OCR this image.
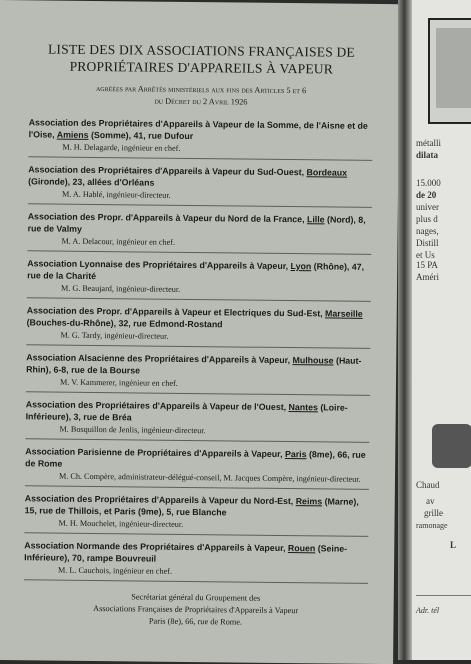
LISTE DES DIX ASSOCIATIONS FRANÇAISES DE PROPRIÉTAIRES D'APPAREILS À VAPEUR

agréées par Arrêtés ministériels aux fins des Articles 5 et 6
du Décret du 2 Avril 1926

Association des Propriétaires d'Appareils à Vapeur de la Somme, de l'Aisne et de l'Oise, Amiens (Somme), 41, rue Dufour

M. H. Delagarde, ingénieur en chef.

Association des Propriétaires d'Appareils à Vapeur du Sud-Ouest, Bordeaux (Gironde), 23, allées d'Orléans

M. A. Hablé, ingénieur-directeur.

Association des Propr. d'Appareils à Vapeur du Nord de la France, Lille (Nord), 8, rue de Valmy

M. A. Delacour, ingénieur en chef.

Association Lyonnaise des Propriétaires d'Appareils à Vapeur, Lyon (Rhône), 47, rue de la Charité

M. G. Beaujard, ingénieur-directeur.

Association des Propr. d'Appareils à Vapeur et Electriques du Sud-Est, Marseille (Bouches-du-Rhône), 32, rue Edmond-Rostand

M. G. Tardy, ingénieur-directeur.

Association Alsacienne des Propriétaires d'Appareils à Vapeur, Mulhouse (Haut-Rhin), 6-8, rue de la Bourse

M. V. Kammerer, ingénieur en chef.

Association des Propriétaires d'Appareils à Vapeur de l'Ouest, Nantes (Loire-Inférieure), 3, rue de Bréa

M. Bosquillon de Jenlis, ingénieur-directeur.

Association Parisienne de Propriétaires d'Appareils à Vapeur, Paris (8me), 66, rue de Rome

M. Ch. Compère, administrateur-délégué-conseil, M. Jacques Compère, ingénieur-directeur.

Association des Propriétaires d'Appareils à Vapeur du Nord-Est, Reims (Marne), 15, rue de Thillois, et Paris (9me), 5, rue Blanche

M. H. Mouchelet, ingénieur-directeur.

Association Normande des Propriétaires d'Appareils à Vapeur, Rouen (Seine-Inférieure), 70, rampe Bouvreuil

M. L. Cauchois, ingénieur en chef.

Secrétariat général du Groupement des
Associations Françaises de Propriétaires d'Appareils à Vapeur
Paris (8e), 66, rue de Rome.
métalli
dilata
15.000
de 20
univer
plus d
nages,
Distill
et Us
15 PA
Améri
Chaud
av
grille
ramonage
L
Adr. tél
